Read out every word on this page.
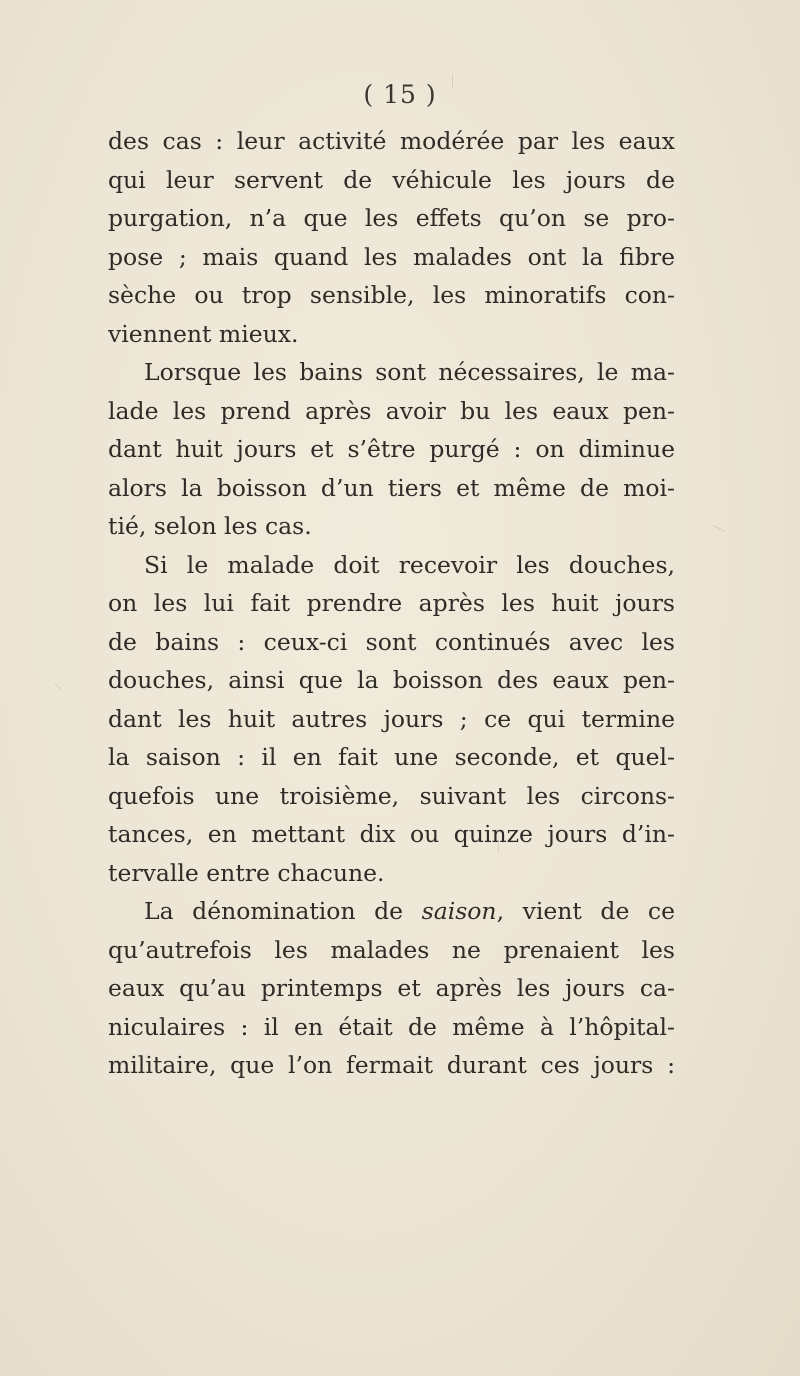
( 15 )
des cas : leur activité modérée par les eaux
qui leur servent de véhicule les jours de
purgation, n’a que les effets qu’on se pro-
pose ; mais quand les malades ont la fibre
sèche ou trop sensible, les minoratifs con-
viennent mieux.
Lorsque les bains sont nécessaires, le ma-
lade les prend après avoir bu les eaux pen-
dant huit jours et s’être purgé : on diminue
alors la boisson d’un tiers et même de moi-
tié, selon les cas.
Si le malade doit recevoir les douches,
on les lui fait prendre après les huit jours
de bains : ceux-ci sont continués avec les
douches, ainsi que la boisson des eaux pen-
dant les huit autres jours ; ce qui termine
la saison : il en fait une seconde, et quel-
quefois une troisième, suivant les circons-
tances, en mettant dix ou quinze jours d’in-
tervalle entre chacune.
La dénomination de saison, vient de ce
qu’autrefois les malades ne prenaient les
eaux qu’au printemps et après les jours ca-
niculaires : il en était de même à l’hôpital-
militaire, que l’on fermait durant ces jours :
